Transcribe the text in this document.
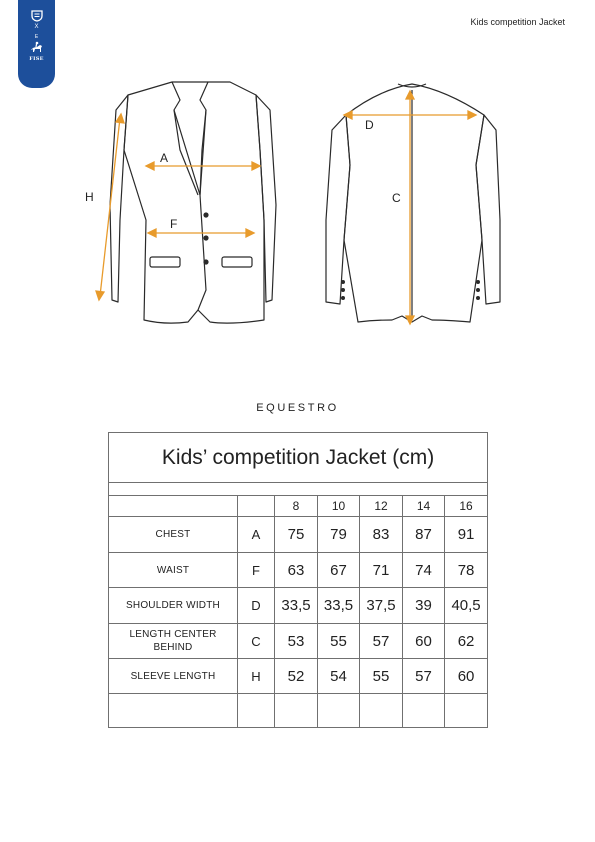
X
E
FISE
Kids competition Jacket
A
F
H
D
C
EQUESTRO
Kids’ competition Jacket (cm)						

		8	10	12	14	16
CHEST	A	75	79	83	87	91
WAIST	F	63	67	71	74	78
SHOULDER WIDTH	D	33,5	33,5	37,5	39	40,5
LENGTH CENTER BEHIND	C	53	55	57	60	62
SLEEVE LENGTH	H	52	54	55	57	60
